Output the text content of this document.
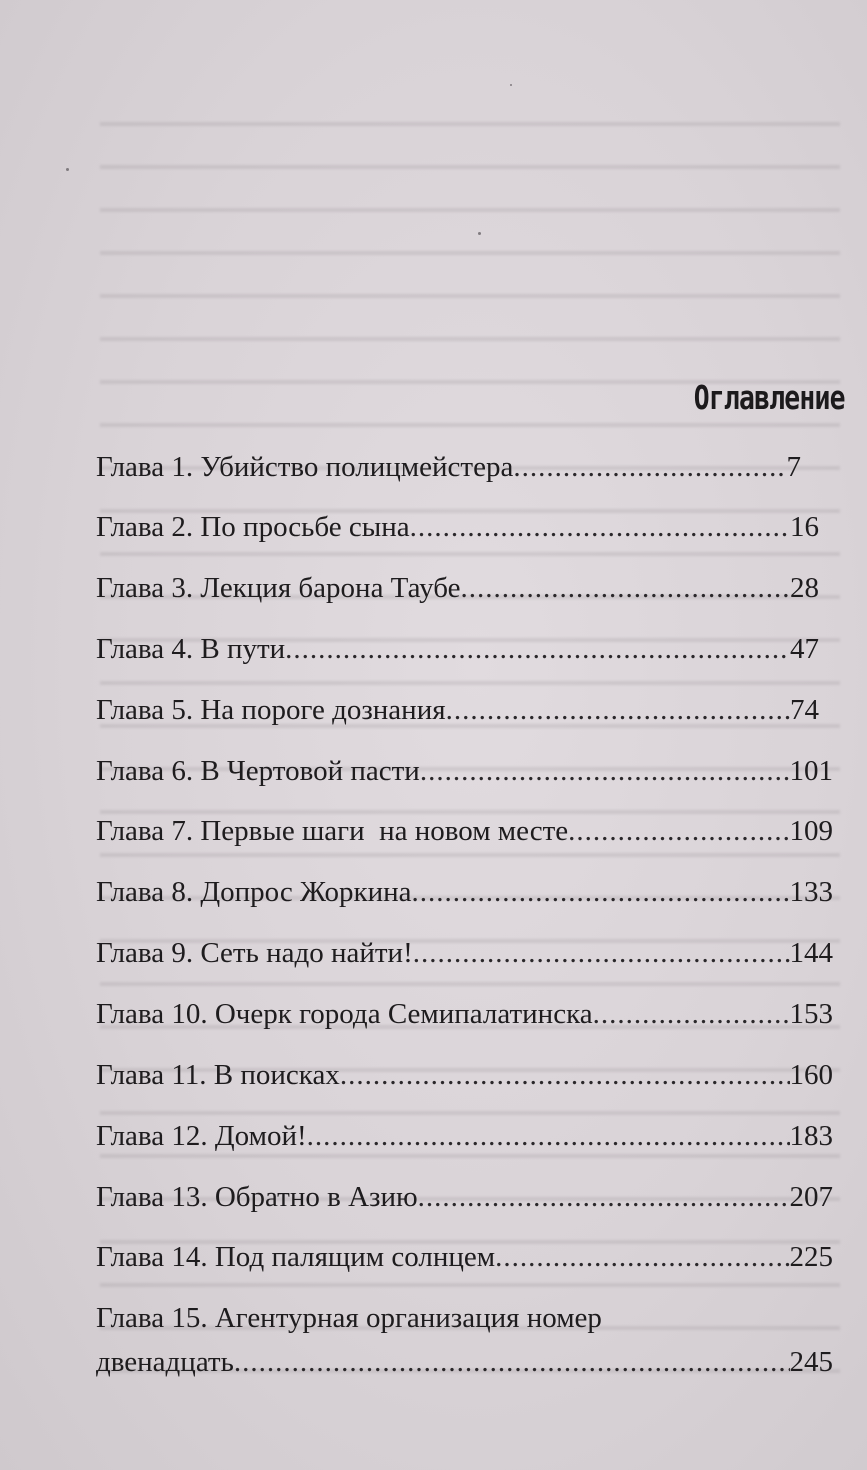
Оглавление
Глава 1. Убийство полицмейстера .....	7
Глава 2. По просьбе сына .....	16
Глава 3. Лекция барона Таубе .....	28
Глава 4. В пути .....	47
Глава 5. На пороге дознания .....	74
Глава 6. В Чертовой пасти .....	101
Глава 7. Первые шаги  на новом месте .....	109
Глава 8. Допрос Жоркина .....	133
Глава 9. Сеть надо найти! .....	144
Глава 10. Очерк города Семипалатинска .....	153
Глава 11. В поисках .....	160
Глава 12. Домой! .....	183
Глава 13. Обратно в Азию .....	207
Глава 14. Под палящим солнцем .....	225
Глава 15. Агентурная организация номер
двенадцать .....	245
